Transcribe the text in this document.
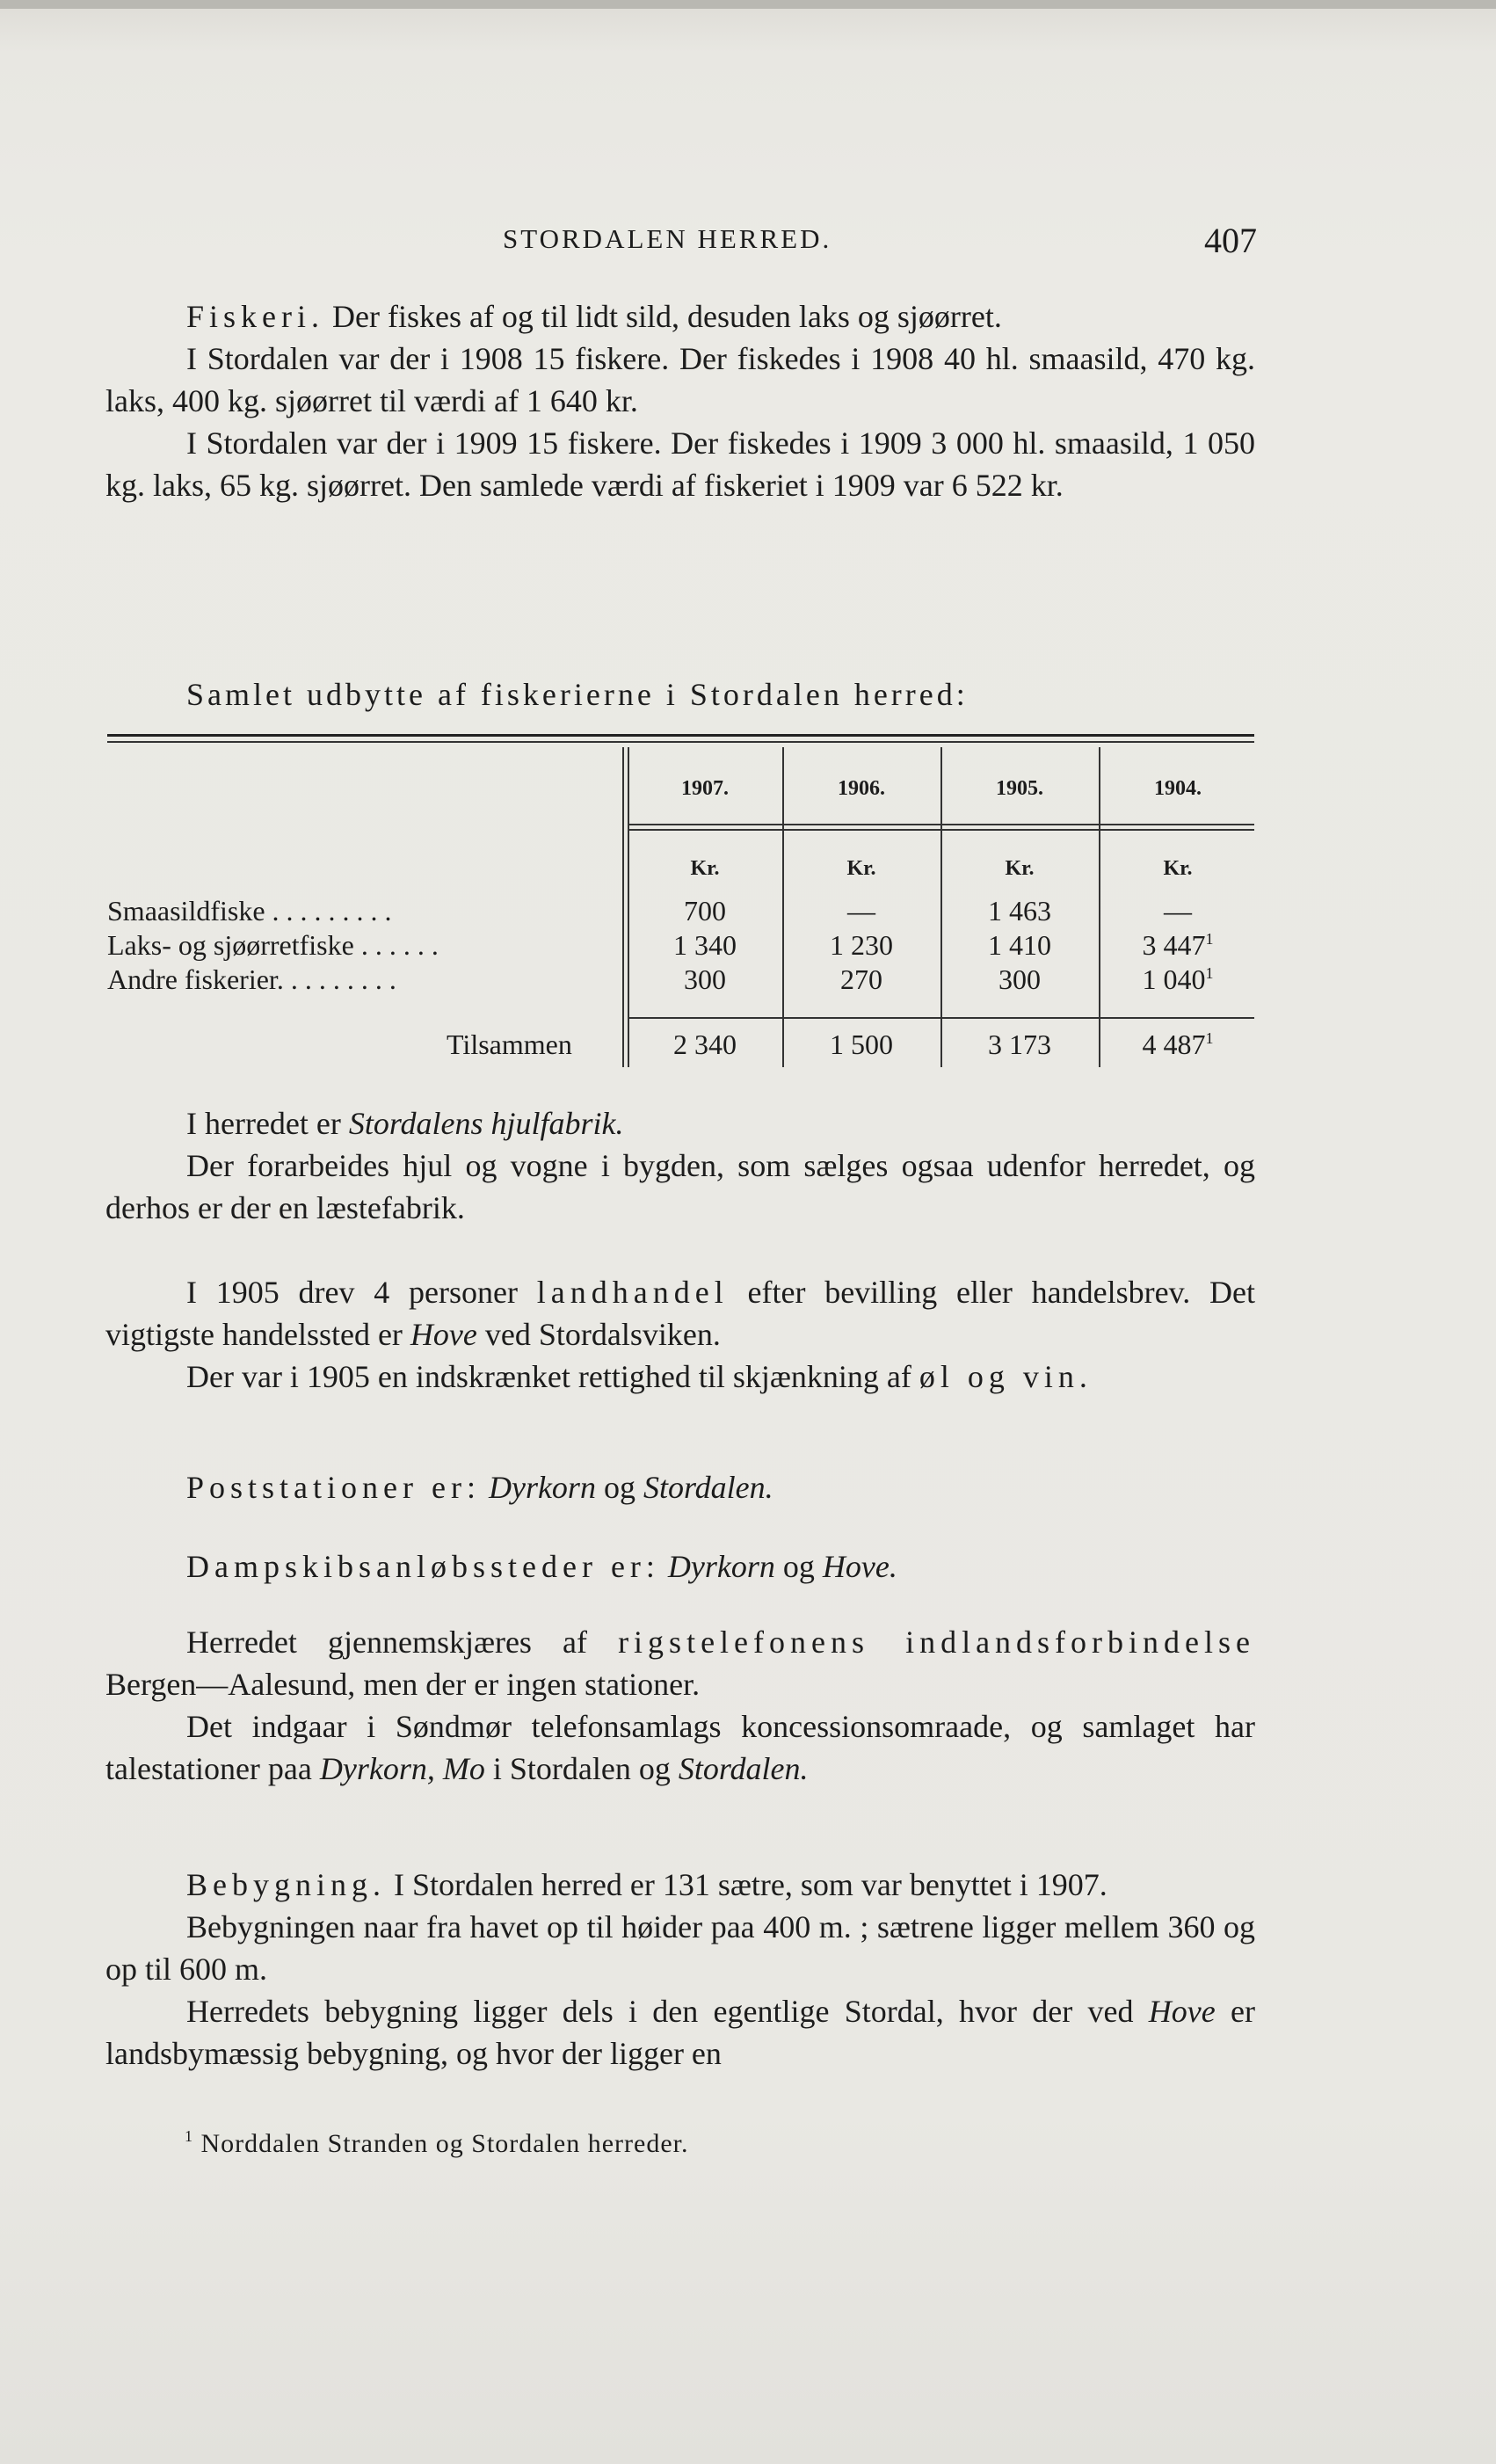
STORDALEN HERRED.	407

Fiskeri. Der fiskes af og til lidt sild, desuden laks og sjøørret.

I Stordalen var der i 1908 15 fiskere. Der fiskedes i 1908 40 hl. smaasild, 470 kg. laks, 400 kg. sjøørret til værdi af 1 640 kr.

I Stordalen var der i 1909 15 fiskere. Der fiskedes i 1909 3 000 hl. smaasild, 1 050 kg. laks, 65 kg. sjøørret. Den samlede værdi af fiskeriet i 1909 var 6 522 kr.

Samlet udbytte af fiskerierne i Stordalen herred:

1907.	1906.	1905.	1904.
Kr.	Kr.	Kr.	Kr.
Smaasildfiske . . . . . . . . .	700	—	1 463	—
Laks- og sjøørretfiske . . . . . .	1 340	1 230	1 410	3 $447^1$
Andre fiskerier. . . . . . . . .	300	270	300	1 $040^1$
Tilsammen	2 340	1 500	3 173	4 $487^1$

I herredet er Stordalens hjulfabrik.

Der forarbeides hjul og vogne i bygden, som sælges ogsaa udenfor herredet, og derhos er der en læstefabrik.

I 1905 drev 4 personer landhandel efter bevilling eller handelsbrev. Det vigtigste handelssted er Hove ved Stordalsviken.

Der var i 1905 en indskrænket rettighed til skjænkning af øl og vin.

Poststationer er: Dyrkorn og Stordalen.

Dampskibsanløbssteder er: Dyrkorn og Hove.

Herredet gjennemskjæres af rigstelefonens indlandsforbindelse Bergen—Aalesund, men der er ingen stationer.

Det indgaar i Søndmør telefonsamlags koncessionsomraade, og samlaget har talestationer paa Dyrkorn, Mo i Stordalen og Stordalen.

Bebygning. I Stordalen herred er 131 sætre, som var benyttet i 1907.

Bebygningen naar fra havet op til høider paa 400 m. ; sætrene ligger mellem 360 og op til 600 m.

Herredets bebygning ligger dels i den egentlige Stordal, hvor der ved Hove er landsbymæssig bebygning, og hvor der ligger en

$^1$ Norddalen Stranden og Stordalen herreder.
